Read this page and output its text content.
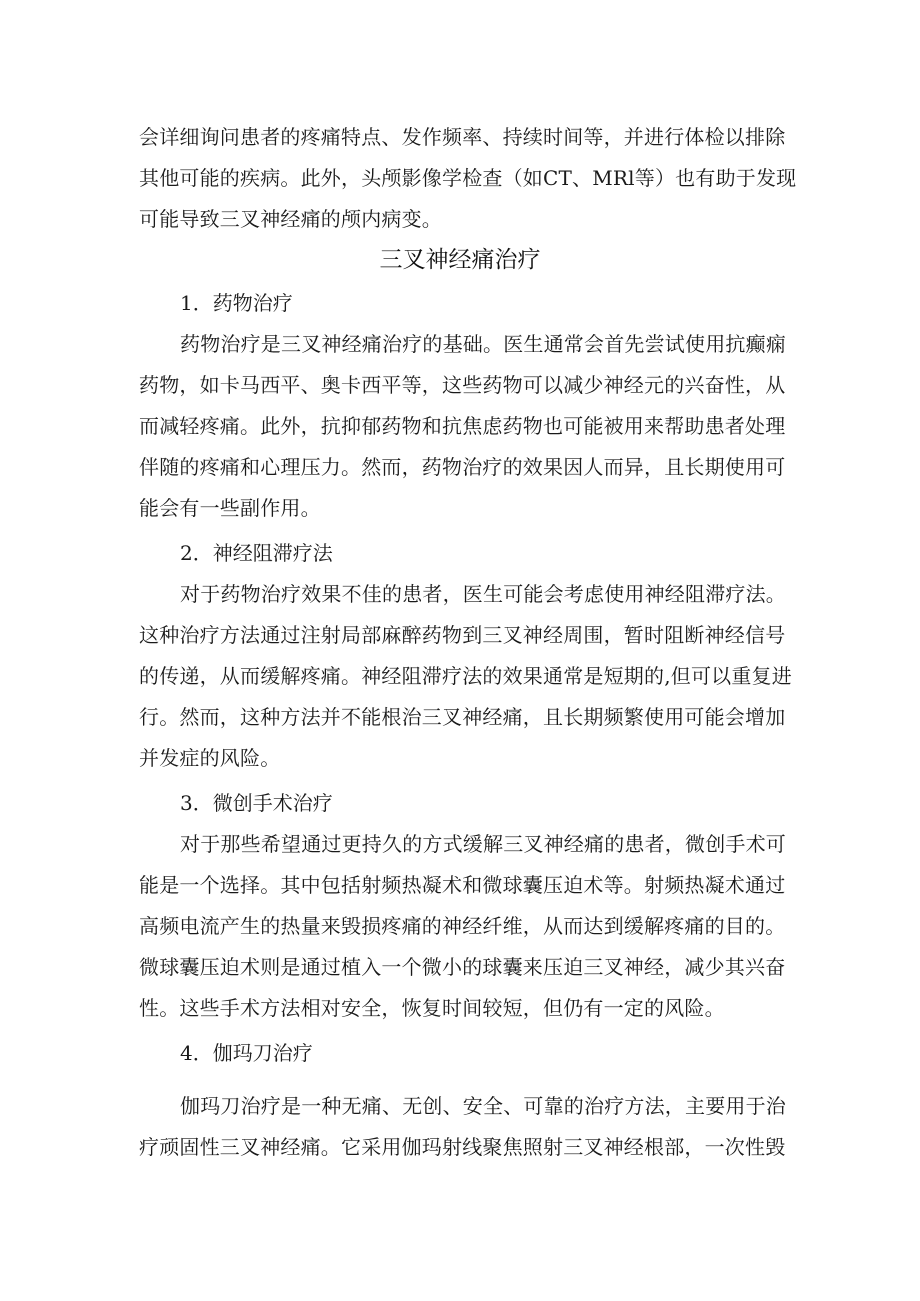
会详细询问患者的疼痛特点、发作频率、持续时间等，并进行体检以排除
其他可能的疾病。此外，头颅影像学检查（如CT、MRl等）也有助于发现
可能导致三叉神经痛的颅内病变。
三叉神经痛治疗
1．药物治疗
药物治疗是三叉神经痛治疗的基础。医生通常会首先尝试使用抗癫痫
药物，如卡马西平、奥卡西平等，这些药物可以减少神经元的兴奋性，从
而减轻疼痛。此外，抗抑郁药物和抗焦虑药物也可能被用来帮助患者处理
伴随的疼痛和心理压力。然而，药物治疗的效果因人而异，且长期使用可
能会有一些副作用。
2．神经阻滞疗法
对于药物治疗效果不佳的患者，医生可能会考虑使用神经阻滞疗法。
这种治疗方法通过注射局部麻醉药物到三叉神经周围，暂时阻断神经信号
的传递，从而缓解疼痛。神经阻滞疗法的效果通常是短期的,但可以重复进
行。然而，这种方法并不能根治三叉神经痛，且长期频繁使用可能会增加
并发症的风险。
3．微创手术治疗
对于那些希望通过更持久的方式缓解三叉神经痛的患者，微创手术可
能是一个选择。其中包括射频热凝术和微球囊压迫术等。射频热凝术通过
高频电流产生的热量来毁损疼痛的神经纤维，从而达到缓解疼痛的目的。
微球囊压迫术则是通过植入一个微小的球囊来压迫三叉神经，减少其兴奋
性。这些手术方法相对安全，恢复时间较短，但仍有一定的风险。
4．伽玛刀治疗
伽玛刀治疗是一种无痛、无创、安全、可靠的治疗方法，主要用于治
疗顽固性三叉神经痛。它采用伽玛射线聚焦照射三叉神经根部，一次性毁
